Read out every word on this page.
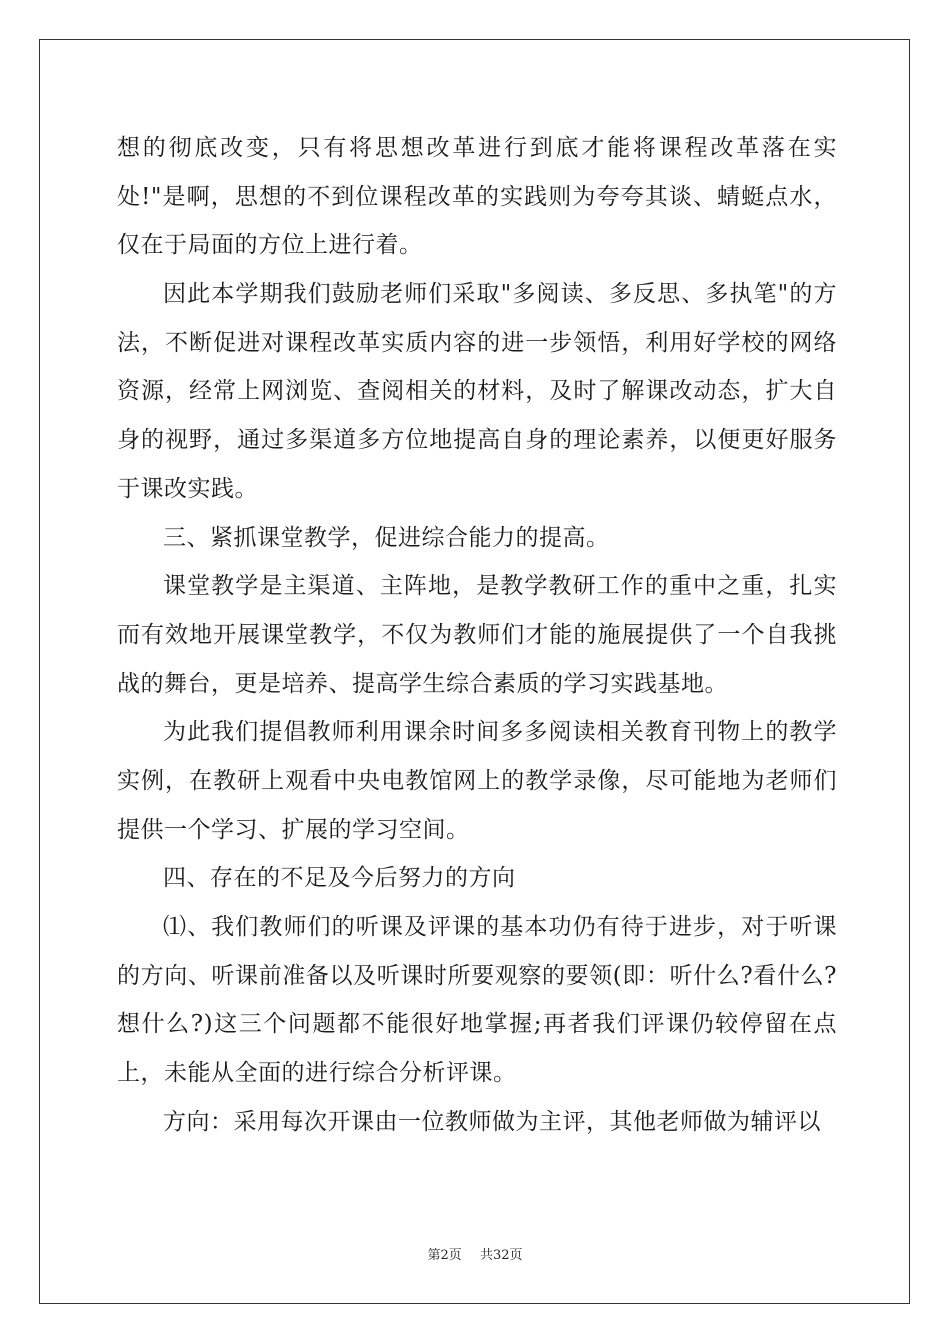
想的彻底改变，只有将思想改革进行到底才能将课程改革落在实
处!"是啊，思想的不到位课程改革的实践则为夸夸其谈、蜻蜓点水，
仅在于局面的方位上进行着。
因此本学期我们鼓励老师们采取"多阅读、多反思、多执笔"的方
法，不断促进对课程改革实质内容的进一步领悟，利用好学校的网络
资源，经常上网浏览、查阅相关的材料，及时了解课改动态，扩大自
身的视野，通过多渠道多方位地提高自身的理论素养，以便更好服务
于课改实践。
三、紧抓课堂教学，促进综合能力的提高。
课堂教学是主渠道、主阵地，是教学教研工作的重中之重，扎实
而有效地开展课堂教学，不仅为教师们才能的施展提供了一个自我挑
战的舞台，更是培养、提高学生综合素质的学习实践基地。
为此我们提倡教师利用课余时间多多阅读相关教育刊物上的教学
实例，在教研上观看中央电教馆网上的教学录像，尽可能地为老师们
提供一个学习、扩展的学习空间。
四、存在的不足及今后努力的方向
⑴、我们教师们的听课及评课的基本功仍有待于进步，对于听课
的方向、听课前准备以及听课时所要观察的要领(即：听什么?看什么?
想什么?)这三个问题都不能很好地掌握;再者我们评课仍较停留在点
上，未能从全面的进行综合分析评课。
方向：采用每次开课由一位教师做为主评，其他老师做为辅评以
第2页 共32页
